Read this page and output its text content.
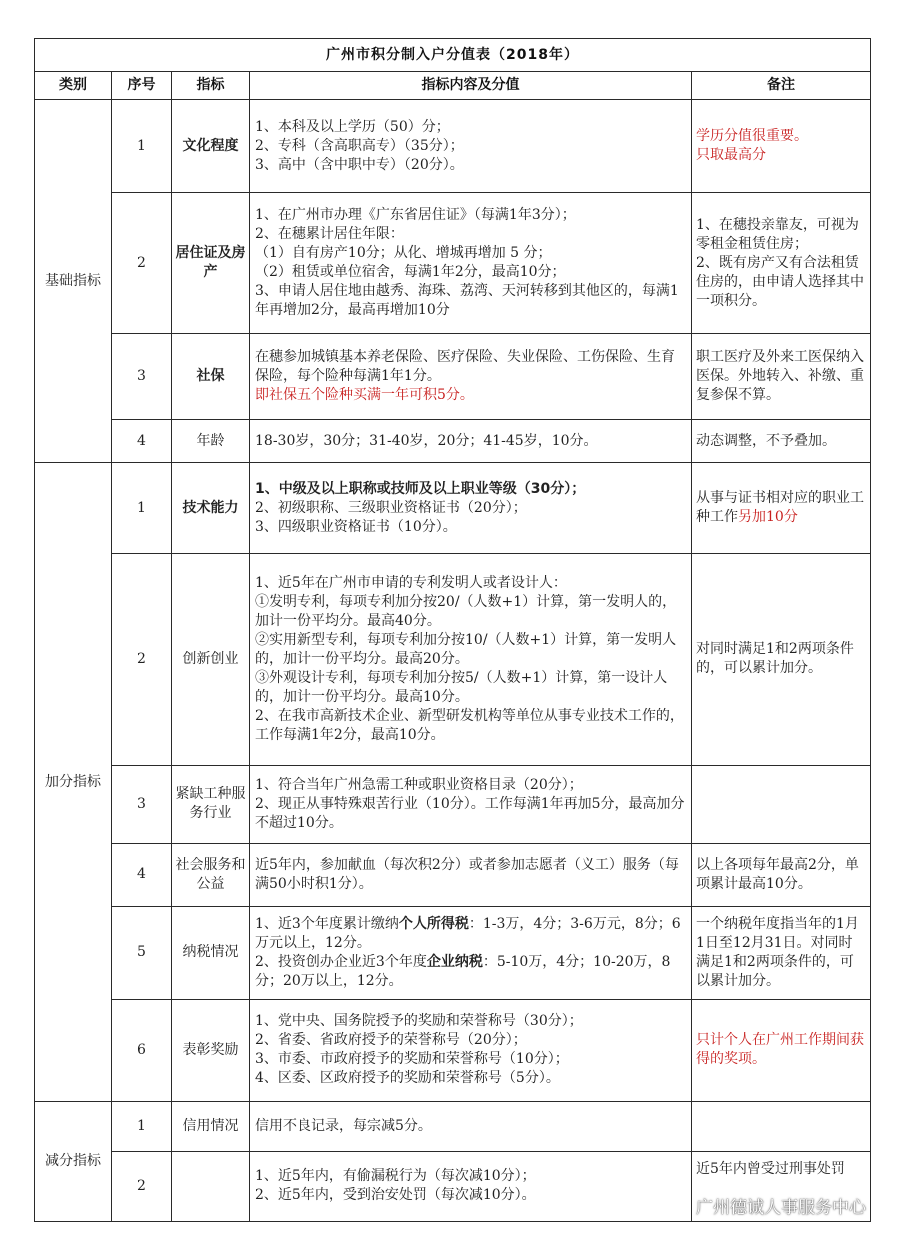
广州市积分制入户分值表（2018年）				
类别	序号	指标	指标内容及分值	备注
基础指标	1	文化程度	1、本科及以上学历（50）分；
2、专科（含高职高专）（35分）；
3、高中（含中职中专）（20分）。	学历分值很重要。
只取最高分

	2	居住证及房产	1、在广州市办理《广东省居住证》（每满1年3分）；
2、在穗累计居住年限：
（1）自有房产10分；从化、增城再增加 5 分；
（2）租赁或单位宿舍，每满1年2分，最高10分；
3、申请人居住地由越秀、海珠、荔湾、天河转移到其他区的，每满1年再增加2分，最高再增加10分	1、在穗投亲靠友，可视为零租金租赁住房；
2、既有房产又有合法租赁住房的，由申请人选择其中一项积分。

	3	社保	在穗参加城镇基本养老保险、医疗保险、失业保险、工伤保险、生育保险，每个险种每满1年1分。
即社保五个险种买满一年可积5分。	职工医疗及外来工医保纳入医保。外地转入、补缴、重复参保不算。
	4	年龄	18-30岁，30分；31-40岁，20分；41-45岁，10分。	动态调整，不予叠加。
加分指标	1	技术能力	1、中级及以上职称或技师及以上职业等级（30分）；
2、初级职称、三级职业资格证书（20分）；
3、四级职业资格证书（10分）。	从事与证书相对应的职业工种工作另加10分
	2	创新创业	1、近5年在广州市申请的专利发明人或者设计人：
①发明专利，每项专利加分按20/（人数+1）计算，第一发明人的，加计一份平均分。最高40分。
②实用新型专利，每项专利加分按10/（人数+1）计算，第一发明人的，加计一份平均分。最高20分。
③外观设计专利，每项专利加分按5/（人数+1）计算，第一设计人的，加计一份平均分。最高10分。
2、在我市高新技术企业、新型研发机构等单位从事专业技术工作的，工作每满1年2分，最高10分。	对同时满足1和2两项条件的，可以累计加分。
	3	紧缺工种服务行业	1、符合当年广州急需工种或职业资格目录（20分）；
2、现正从事特殊艰苦行业（10分）。工作每满1年再加5分，最高加分不超过10分。	

	4	社会服务和公益	近5年内，参加献血（每次积2分）或者参加志愿者（义工）服务（每满50小时积1分）。	以上各项每年最高2分，单项累计最高10分。
	5	纳税情况	1、近3个年度累计缴纳个人所得税：1-3万，4分；3-6万元，8分；6万元以上，12分。
2、投资创办企业近3个年度企业纳税：5-10万，4分；10-20万，8分；20万以上，12分。	一个纳税年度指当年的1月1日至12月31日。对同时满足1和2两项条件的，可以累计加分。
	6	表彰奖励	1、党中央、国务院授予的奖励和荣誉称号（30分）；
2、省委、省政府授予的荣誉称号（20分）；
3、市委、市政府授予的奖励和荣誉称号（10分）；
4、区委、区政府授予的奖励和荣誉称号（5分）。	只计个人在广州工作期间获得的奖项。
减分指标	1	信用情况	信用不良记录，每宗减5分。	
	2		1、近5年内，有偷漏税行为（每次减10分）；
2、近5年内，受到治安处罚（每次减10分）。	近5年内曾受过刑事处罚
广州德诚人事服务中心
